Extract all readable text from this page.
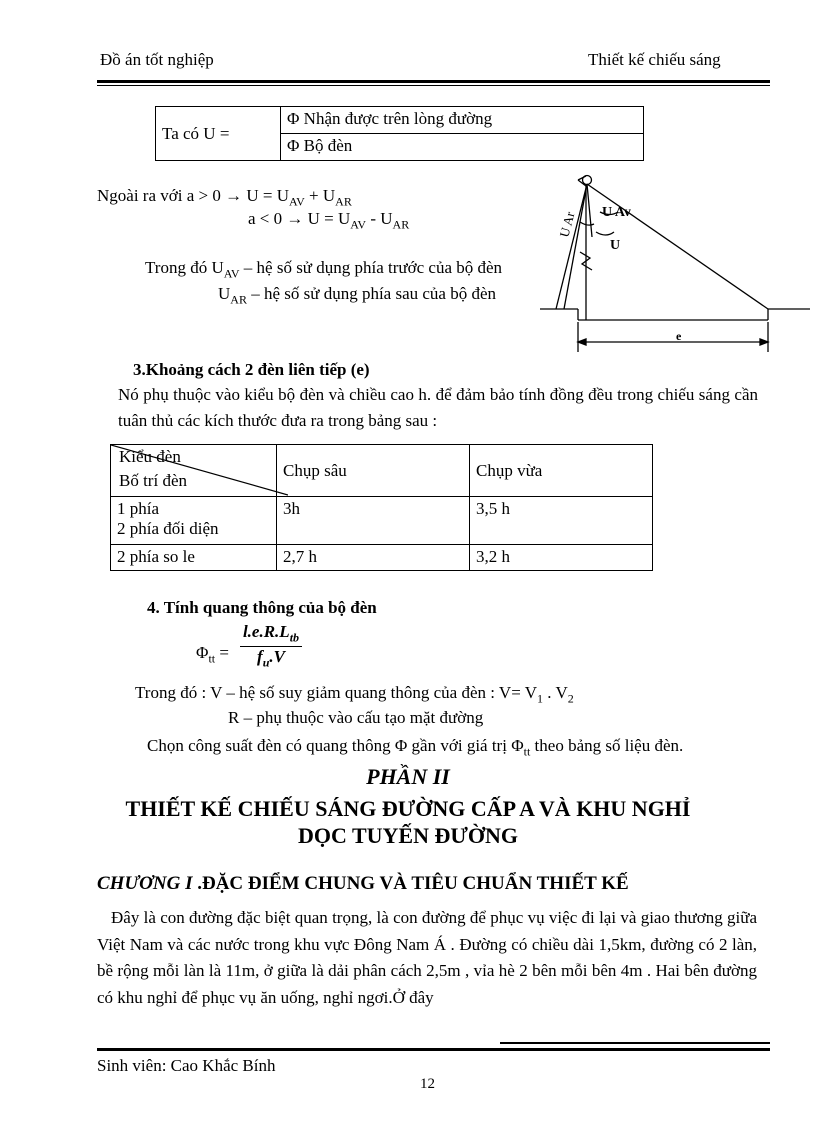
Đồ án tốt nghiệp	Thiết kế chiếu sáng
Ta có U =	Φ Nhận được trên lòng đường
Φ Bộ đèn
Ngoài ra với $a > 0 \to U = U_{AV} + U_{AR}$
$a < 0 \to U = U_{AV} - U_{AR}$
Trong đó $U_{AV}$ – hệ số sử dụng phía trước của bộ đèn
$U_{AR}$ – hệ số sử dụng phía sau của bộ đèn
U Ar U Av
U
e
3.Khoảng cách 2 đèn liên tiếp (e)
Nó phụ thuộc vào kiểu bộ đèn và chiều cao h. để đảm bảo tính đồng đều trong chiếu sáng cần tuân thủ các kích thước đưa ra trong bảng sau :
Kiểu đèn
Bố trí đèn	Chụp sâu	Chụp vừa

1 phía
2 phía đối diện	3h	3,5 h
2 phía so le	2,7 h	3,2 h
4. Tính quang thông của bộ đèn
$\Phi_{tt}$ =
$l.e.R.L_{tb}$
$f_u.V$
Trong đó : V – hệ số suy giảm quang thông của đèn : $V= V_1$ . $V_2$
R – phụ thuộc vào cấu tạo mặt đường
Chọn công suất đèn có quang thông Φ gần với giá trị $\Phi_{tt}$ theo bảng số liệu đèn.
PHẦN II
THIẾT KẾ CHIẾU SÁNG ĐƯỜNG CẤP A VÀ KHU NGHỈ
DỌC TUYẾN ĐƯỜNG
CHƯƠNG I .ĐẶC ĐIỂM CHUNG VÀ TIÊU CHUẨN THIẾT KẾ
Đây là con đường đặc biệt quan trọng, là con đường để phục vụ việc đi lại và giao thương giữa Việt Nam và các nước trong khu vực Đông Nam Á . Đường có chiều dài 1,5km, đường có 2 làn, bề rộng mỗi làn là 11m, ở giữa là dải phân cách 2,5m , vỉa hè 2 bên mỗi bên 4m . Hai bên đường có khu nghỉ để phục vụ ăn uống, nghỉ ngơi.Ở đây
Sinh viên: Cao Khắc Bính
12
